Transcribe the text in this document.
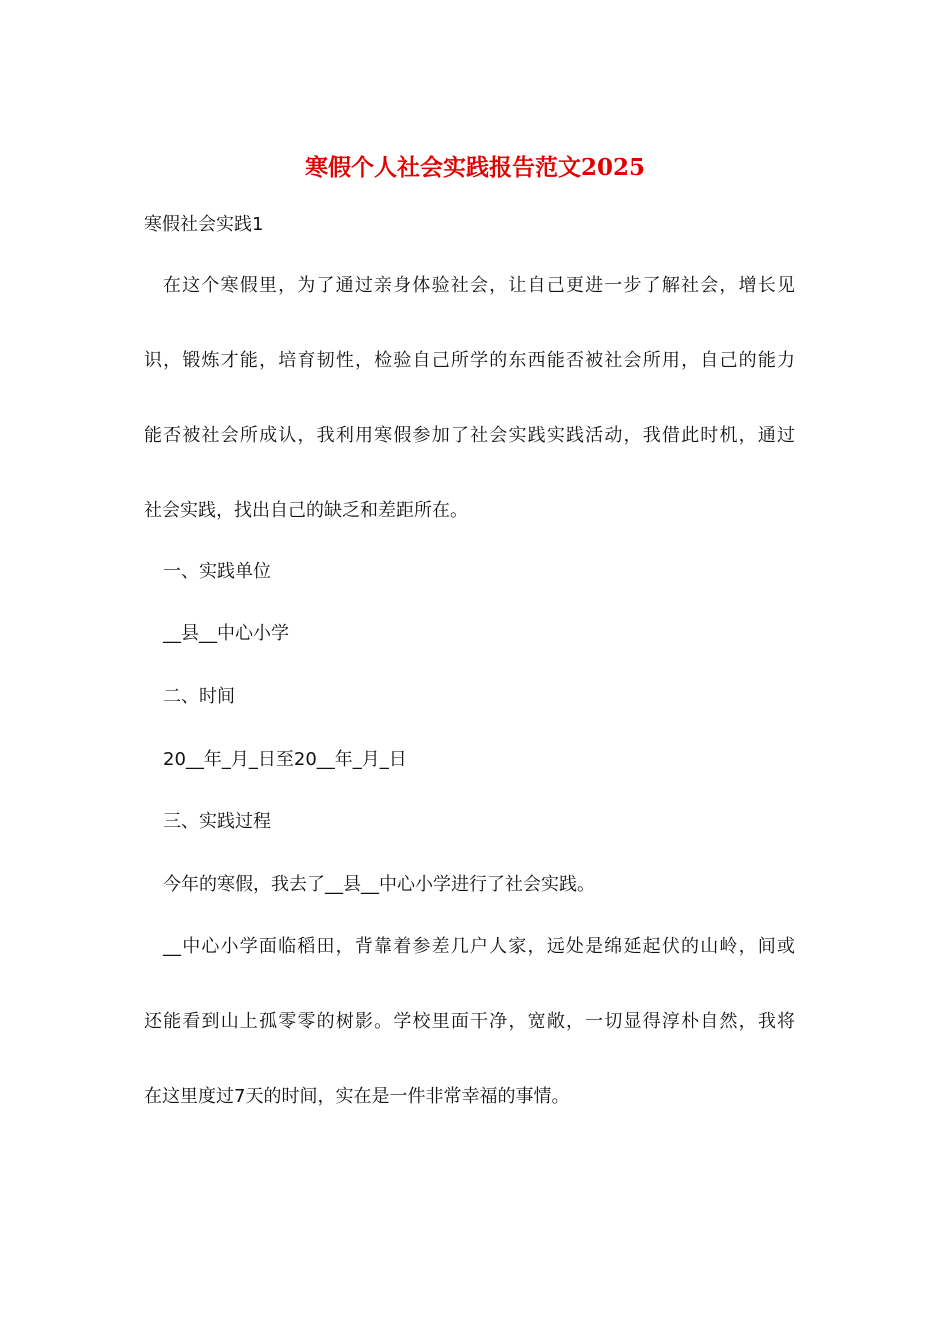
寒假个人社会实践报告范文2025

寒假社会实践1

在这个寒假里，为了通过亲身体验社会，让自己更进一步了解社会，增长见

识，锻炼才能，培育韧性，检验自己所学的东西能否被社会所用，自己的能力

能否被社会所成认，我利用寒假参加了社会实践实践活动，我借此时机，通过

社会实践，找出自己的缺乏和差距所在。

一、实践单位

__县__中心小学

二、时间

20__年_月_日至20__年_月_日

三、实践过程

今年的寒假，我去了__县__中心小学进行了社会实践。

__中心小学面临稻田，背靠着参差几户人家，远处是绵延起伏的山岭，间或

还能看到山上孤零零的树影。学校里面干净，宽敞，一切显得淳朴自然，我将

在这里度过7天的时间，实在是一件非常幸福的事情。
